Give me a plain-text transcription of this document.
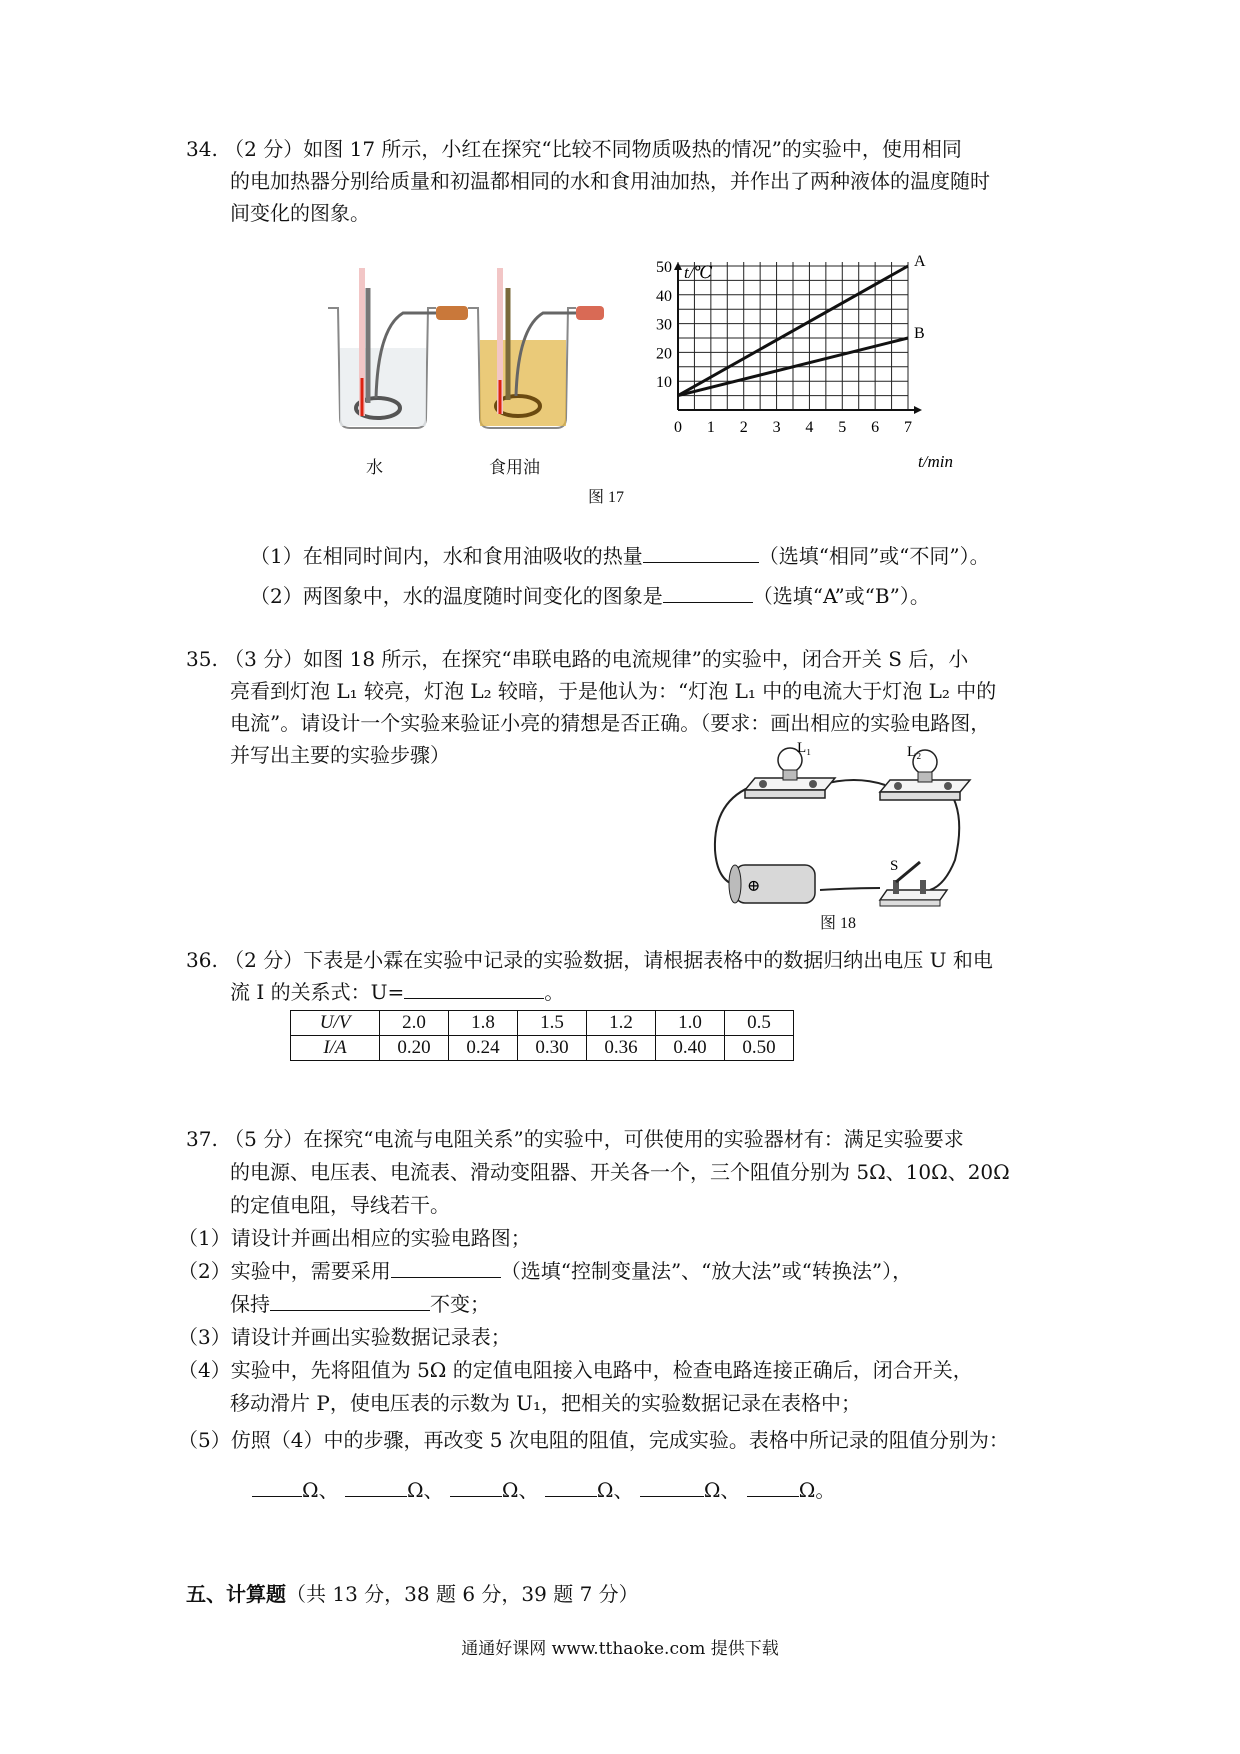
34. （2 分）如图 17 所示，小红在探究“比较不同物质吸热的情况”的实验中，使用相同
的电加热器分别给质量和初温都相同的水和食用油加热，并作出了两种液体的温度随时
间变化的图象。
水	食用油
0 1 2 3 4 5 6 7
10
20
30
40
50	A
B
t/℃
t/min
图 17
（1）在相同时间内，水和食用油吸收的热量	（选填“相同”或“不同”）。
（2）两图象中，水的温度随时间变化的图象是	（选填“A”或“B”）。
35. （3 分）如图 18 所示，在探究“串联电路的电流规律”的实验中，闭合开关 S 后，小
亮看到灯泡 L₁ 较亮，灯泡 L₂ 较暗，于是他认为：“灯泡 L₁ 中的电流大于灯泡 L₂ 中的
电流”。请设计一个实验来验证小亮的猜想是否正确。（要求：画出相应的实验电路图，
并写出主要的实验步骤）
⊕
L₁	L₂
S
图 18
36. （2 分）下表是小霖在实验中记录的实验数据，请根据表格中的数据归纳出电压 U 和电
流 I 的关系式：U=	。
U/V	2.0	1.8	1.5	1.2	1.0	0.5
I/A	0.20	0.24	0.30	0.36	0.40	0.50
37. （5 分）在探究“电流与电阻关系”的实验中，可供使用的实验器材有：满足实验要求
的电源、电压表、电流表、滑动变阻器、开关各一个，三个阻值分别为 5Ω、10Ω、20Ω
的定值电阻，导线若干。
（1）请设计并画出相应的实验电路图；
（2）实验中，需要采用	（选填“控制变量法”、“放大法”或“转换法”），
保持	不变；
（3）请设计并画出实验数据记录表；
（4）实验中，先将阻值为 5Ω 的定值电阻接入电路中，检查电路连接正确后，闭合开关，
移动滑片 P，使电压表的示数为 U₁，把相关的实验数据记录在表格中；
（5）仿照（4）中的步骤，再改变 5 次电阻的阻值，完成实验。表格中所记录的阻值分别为：
Ω、	Ω、	Ω、	Ω、	Ω、	Ω。
五、计算题（共 13 分，38 题 6 分，39 题 7 分）
通通好课网 www.tthaoke.com 提供下载
